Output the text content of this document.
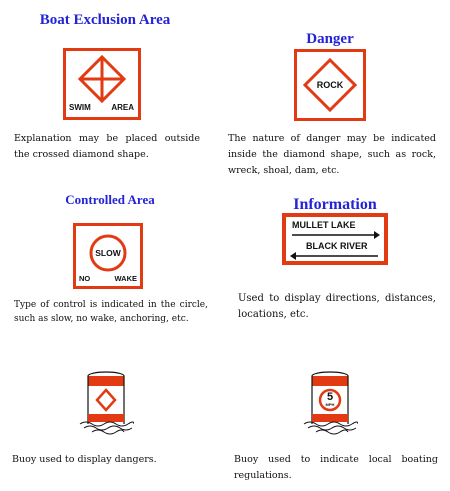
Boat Exclusion Area
SWIM	AREA
Explanation may be placed outside the crossed diamond shape.
Danger
ROCK
The nature of danger may be indicated inside the diamond shape, such as rock, wreck, shoal, dam, etc.
Controlled Area
SLOW
NO	WAKE
Type of control is indicated in the circle, such as slow, no wake, anchoring, etc.
Information
MULLET LAKE
BLACK RIVER
Used to display directions, distances, locations, etc.
Buoy used to display dangers.
5
MPH
Buoy used to indicate local boating regulations.
